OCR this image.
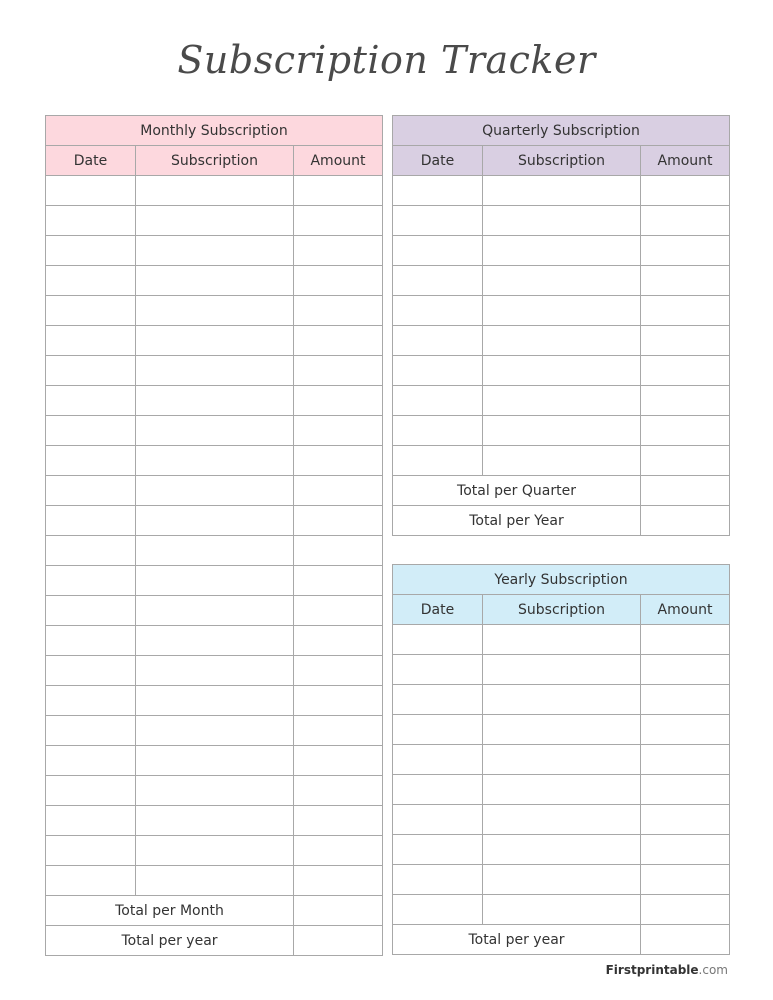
Subscription Tracker
Monthly Subscription		
Date	Subscription	Amount

Total per Month		
Total per year		
Quarterly Subscription		
Date	Subscription	Amount

Total per Quarter		
Total per Year		
Yearly Subscription		
Date	Subscription	Amount

Total per year		
Firstprintable.com
